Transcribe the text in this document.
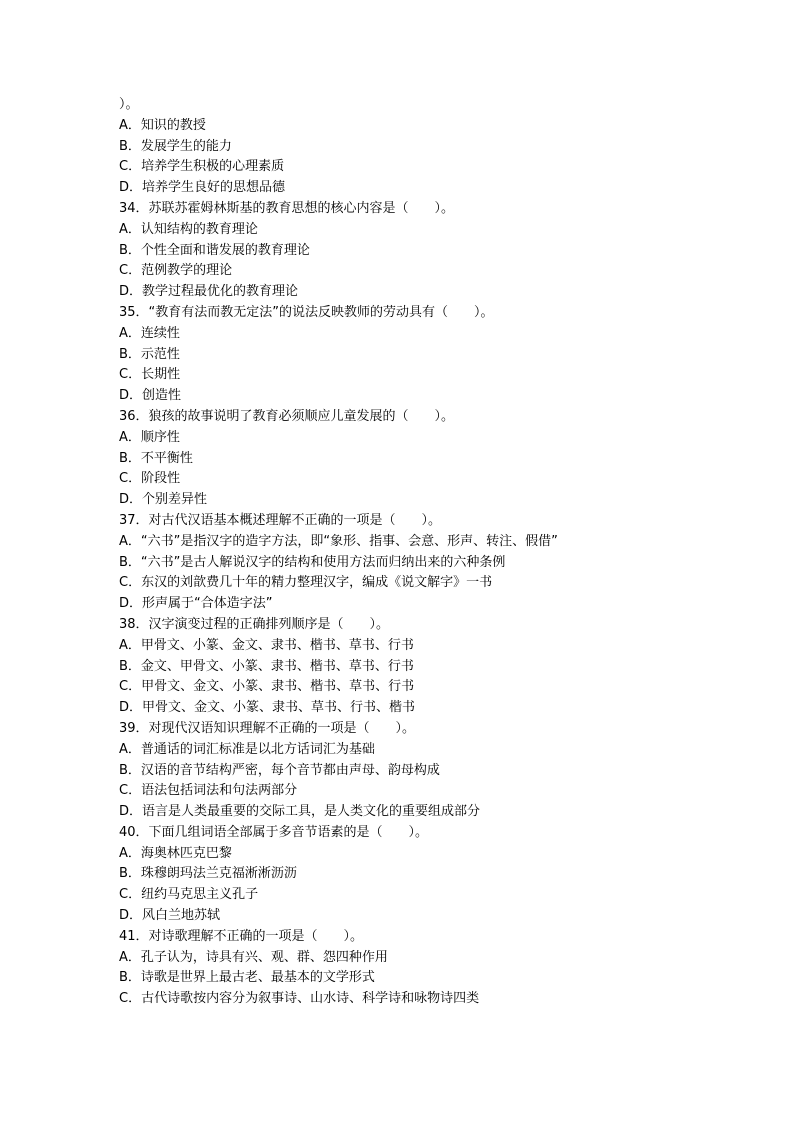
）。
A．知识的教授
B．发展学生的能力
C．培养学生积极的心理素质
D．培养学生良好的思想品德
34．苏联苏霍姆林斯基的教育思想的核心内容是（　　）。
A．认知结构的教育理论
B．个性全面和谐发展的教育理论
C．范例教学的理论
D．教学过程最优化的教育理论
35．“教育有法而教无定法”的说法反映教师的劳动具有（　　）。
A．连续性
B．示范性
C．长期性
D．创造性
36．狼孩的故事说明了教育必须顺应儿童发展的（　　）。
A．顺序性
B．不平衡性
C．阶段性
D．个别差异性
37．对古代汉语基本概述理解不正确的一项是（　　）。
A．“六书”是指汉字的造字方法，即“象形、指事、会意、形声、转注、假借”
B．“六书”是古人解说汉字的结构和使用方法而归纳出来的六种条例
C．东汉的刘歆费几十年的精力整理汉字，编成《说文解字》一书
D．形声属于“合体造字法”
38．汉字演变过程的正确排列顺序是（　　）。
A．甲骨文、小篆、金文、隶书、楷书、草书、行书
B．金文、甲骨文、小篆、隶书、楷书、草书、行书
C．甲骨文、金文、小篆、隶书、楷书、草书、行书
D．甲骨文、金文、小篆、隶书、草书、行书、楷书
39．对现代汉语知识理解不正确的一项是（　　）。
A．普通话的词汇标准是以北方话词汇为基础
B．汉语的音节结构严密，每个音节都由声母、韵母构成
C．语法包括词法和句法两部分
D．语言是人类最重要的交际工具，是人类文化的重要组成部分
40．下面几组词语全部属于多音节语素的是（　　）。
A．海奥林匹克巴黎
B．珠穆朗玛法兰克福淅淅沥沥
C．纽约马克思主义孔子
D．风白兰地苏轼
41．对诗歌理解不正确的一项是（　　）。
A．孔子认为，诗具有兴、观、群、怨四种作用
B．诗歌是世界上最古老、最基本的文学形式
C．古代诗歌按内容分为叙事诗、山水诗、科学诗和咏物诗四类
